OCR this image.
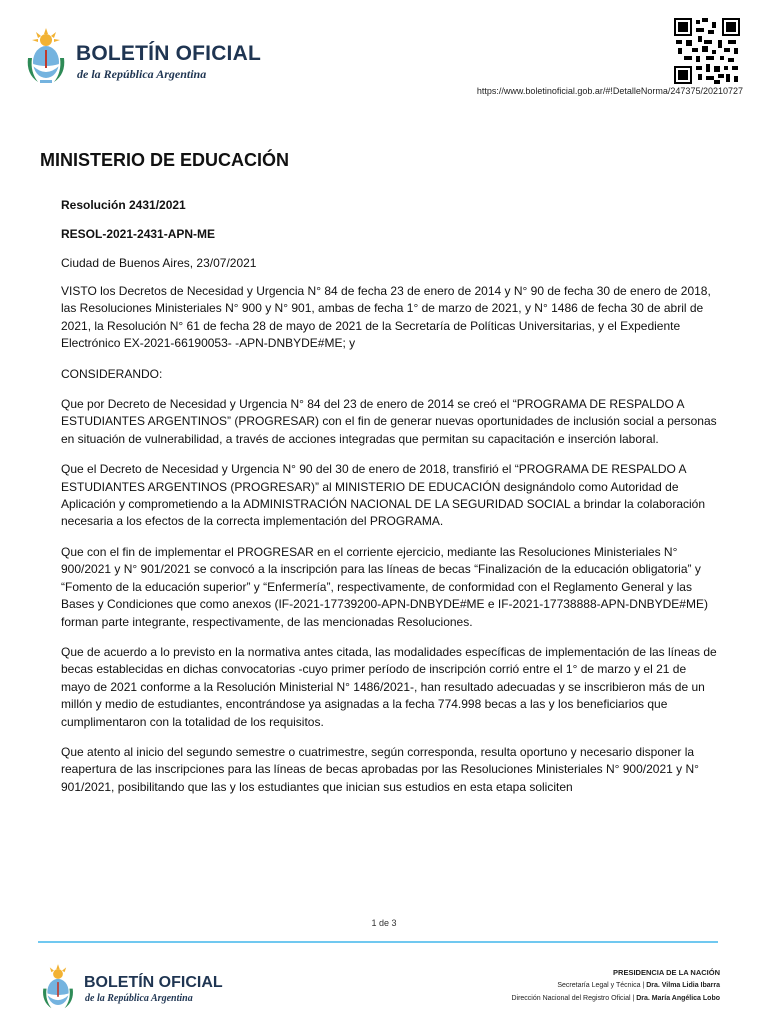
BOLETÍN OFICIAL
de la República Argentina
https://www.boletinoficial.gob.ar/#!DetalleNorma/247375/20210727
MINISTERIO DE EDUCACIÓN
Resolución 2431/2021
RESOL-2021-2431-APN-ME
Ciudad de Buenos Aires, 23/07/2021

VISTO los Decretos de Necesidad y Urgencia N° 84 de fecha 23 de enero de 2014 y N° 90 de fecha 30 de enero de 2018, las Resoluciones Ministeriales N° 900 y N° 901, ambas de fecha 1° de marzo de 2021, y N° 1486 de fecha 30 de abril de 2021, la Resolución N° 61 de fecha 28 de mayo de 2021 de la Secretaría de Políticas Universitarias, y el Expediente Electrónico EX-2021-66190053- -APN-DNBYDE#ME; y

CONSIDERANDO:

Que por Decreto de Necesidad y Urgencia N° 84 del 23 de enero de 2014 se creó el “PROGRAMA DE RESPALDO A ESTUDIANTES ARGENTINOS” (PROGRESAR) con el fin de generar nuevas oportunidades de inclusión social a personas en situación de vulnerabilidad, a través de acciones integradas que permitan su capacitación e inserción laboral.

Que el Decreto de Necesidad y Urgencia N° 90 del 30 de enero de 2018, transfirió el “PROGRAMA DE RESPALDO A ESTUDIANTES ARGENTINOS (PROGRESAR)” al MINISTERIO DE EDUCACIÓN designándolo como Autoridad de Aplicación y comprometiendo a la ADMINISTRACIÓN NACIONAL DE LA SEGURIDAD SOCIAL a brindar la colaboración necesaria a los efectos de la correcta implementación del PROGRAMA.

Que con el fin de implementar el PROGRESAR en el corriente ejercicio, mediante las Resoluciones Ministeriales N° 900/2021 y N° 901/2021 se convocó a la inscripción para las líneas de becas “Finalización de la educación obligatoria” y “Fomento de la educación superior” y “Enfermería”, respectivamente, de conformidad con el Reglamento General y las Bases y Condiciones que como anexos (IF-2021-17739200-APN-DNBYDE#ME e IF-2021-17738888-APN-DNBYDE#ME) forman parte integrante, respectivamente, de las mencionadas Resoluciones.

Que de acuerdo a lo previsto en la normativa antes citada, las modalidades específicas de implementación de las líneas de becas establecidas en dichas convocatorias -cuyo primer período de inscripción corrió entre el 1° de marzo y el 21 de mayo de 2021 conforme a la Resolución Ministerial N° 1486/2021-, han resultado adecuadas y se inscribieron más de un millón y medio de estudiantes, encontrándose ya asignadas a la fecha 774.998 becas a las y los beneficiarios que cumplimentaron con la totalidad de los requisitos.

Que atento al inicio del segundo semestre o cuatrimestre, según corresponda, resulta oportuno y necesario disponer la reapertura de las inscripciones para las líneas de becas aprobadas por las Resoluciones Ministeriales N° 900/2021 y N° 901/2021, posibilitando que las y los estudiantes que inician sus estudios en esta etapa soliciten

1 de 3
BOLETÍN OFICIAL
de la República Argentina
PRESIDENCIA DE LA NACIÓN
Secretaría Legal y Técnica | Dra. Vilma Lidia Ibarra
Dirección Nacional del Registro Oficial | Dra. María Angélica Lobo
